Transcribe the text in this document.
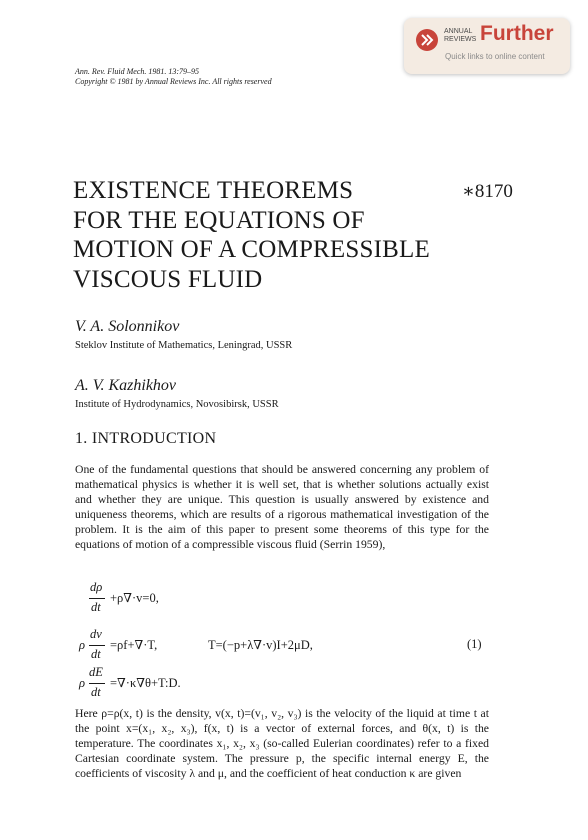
ANNUAL
REVIEWS Further
Quick links to online content
Ann. Rev. Fluid Mech. 1981. 13:79–95
Copyright © 1981 by Annual Reviews Inc. All rights reserved
EXISTENCE THEOREMS
FOR THE EQUATIONS OF
MOTION OF A COMPRESSIBLE
VISCOUS FLUID
∗8170
V. A. Solonnikov
Steklov Institute of Mathematics, Leningrad, USSR
A. V. Kazhikhov
Institute of Hydrodynamics, Novosibirsk, USSR
1. INTRODUCTION

One of the fundamental questions that should be answered concerning any problem of mathematical physics is whether it is well set, that is whether solutions actually exist and whether they are unique. This question is usually answered by existence and uniqueness theorems, which are results of a rigorous mathematical investigation of the problem. It is the aim of this paper to present some theorems of this type for the equations of motion of a compressible viscous fluid (Serrin 1959),

dρ
dt
+ρ∇·v=0,
ρ
dv
dt
=ρf+∇·T,	T=(−p+λ∇·v)I+2μD,	(1)
ρ
dE
dt
=∇·κ∇θ+T:D.

Here ρ=ρ(x, t) is the density, v(x, t)=(v₁, v₂, v₃) is the velocity of the liquid at time t at the point x=(x₁, x₂, x₃), f(x, t) is a vector of external forces, and θ(x, t) is the temperature. The coordinates x₁, x₂, x₃ (so-called Eulerian coordinates) refer to a fixed Cartesian coordinate system. The pressure p, the specific internal energy E, the coefficients of viscosity λ and μ, and the coefficient of heat conduction κ are given
